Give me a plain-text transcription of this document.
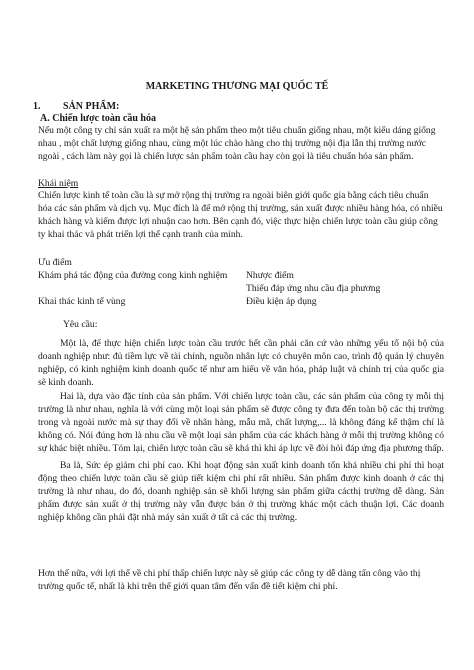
MARKETING THƯƠNG MẠI QUỐC TẾ
1. SẢN PHẨM:
A. Chiến lược toàn cầu hóa
Nếu một công ty chỉ sản xuất ra một hệ sản phẩm theo một tiêu chuẩn giống nhau, một kiểu dáng giống nhau , một chất lượng giống nhau, cùng một lúc chào hàng cho thị trường nội địa lẫn thị trường nước ngoài , cách làm này gọi là chiến lược sản phẩm toàn cầu hay còn gọi là tiêu chuẩn hóa sản phẩm.
Khái niệm
Chiến lược kinh tế toàn cầu là sự mở rộng thị trường ra ngoài biên giới quốc gia bằng cách tiêu chuẩn hóa các sản phẩm và dịch vụ. Mục đích là để mở rộng thị trường, sản xuất được nhiều hàng hóa, có nhiều khách hàng và kiếm được lợi nhuận cao hơn. Bên cạnh đó, việc thực hiện chiến lược toàn cầu giúp công ty khai thác và phát triển lợi thế cạnh tranh của mình.
Ưu điểm
Khám phá tác động của đường cong kinh nghiệm Nhược điểm
Thiếu đáp ứng nhu cầu địa phương
Khai thác kinh tế vùng	Điều kiện áp dụng
Yêu cầu:
Một là, để thực hiện chiến lược toàn cầu trước hết cần phải căn cứ vào những yếu tố nội bộ của doanh nghiệp như: đủ tiềm lực về tài chính, nguồn nhân lực có chuyên môn cao, trình độ quản lý chuyên nghiệp, có kinh nghiệm kinh doanh quốc tế như am hiểu về văn hóa, pháp luật và chính trị của quốc gia sẽ kinh doanh.
Hai là, dựa vào đặc tính của sản phẩm. Với chiến lược toàn cầu, các sản phẩm của công ty mỗi thị trường là như nhau, nghĩa là với cùng một loại sản phẩm sẽ được công ty đưa đến toàn bộ các thị trường trong và ngoài nước mà sự thay đổi về nhãn hàng, mẫu mã, chất lượng,... là không đáng kể thậm chí là không có. Nói đúng hơn là nhu cầu về một loại sản phẩm của các khách hàng ở mỗi thị trường không có sự khác biệt nhiều. Tóm lại, chiến lược toàn cầu sẽ khá thì khi áp lực về đòi hỏi đáp ứng địa phương thấp.
Ba là, Sức ép giảm chi phí cao. Khi hoạt động sản xuất kinh doanh tốn khá nhiều chi phí thì hoạt động theo chiến lược toàn cầu sẽ giúp tiết kiệm chi phí rất nhiều. Sản phẩm được kinh doanh ở các thị trường là như nhau, do đó, doanh nghiệp sản sẽ khối lượng sản phẩm giữa cácthị trường dễ dàng. Sản phẩm được sản xuất ở thị trường này vẫn được bán ở thị trường khác một cách thuận lợi. Các doanh nghiệp không cần phải đặt nhà máy sản xuất ở tất cả các thị trường.
Hơn thế nữa, với lợi thế về chi phí thấp chiến lược này sẽ giúp các công ty dễ dàng tấn công vào thị trường quốc tế, nhất là khi trên thế giới quan tâm đến vấn đề tiết kiệm chi phí.
